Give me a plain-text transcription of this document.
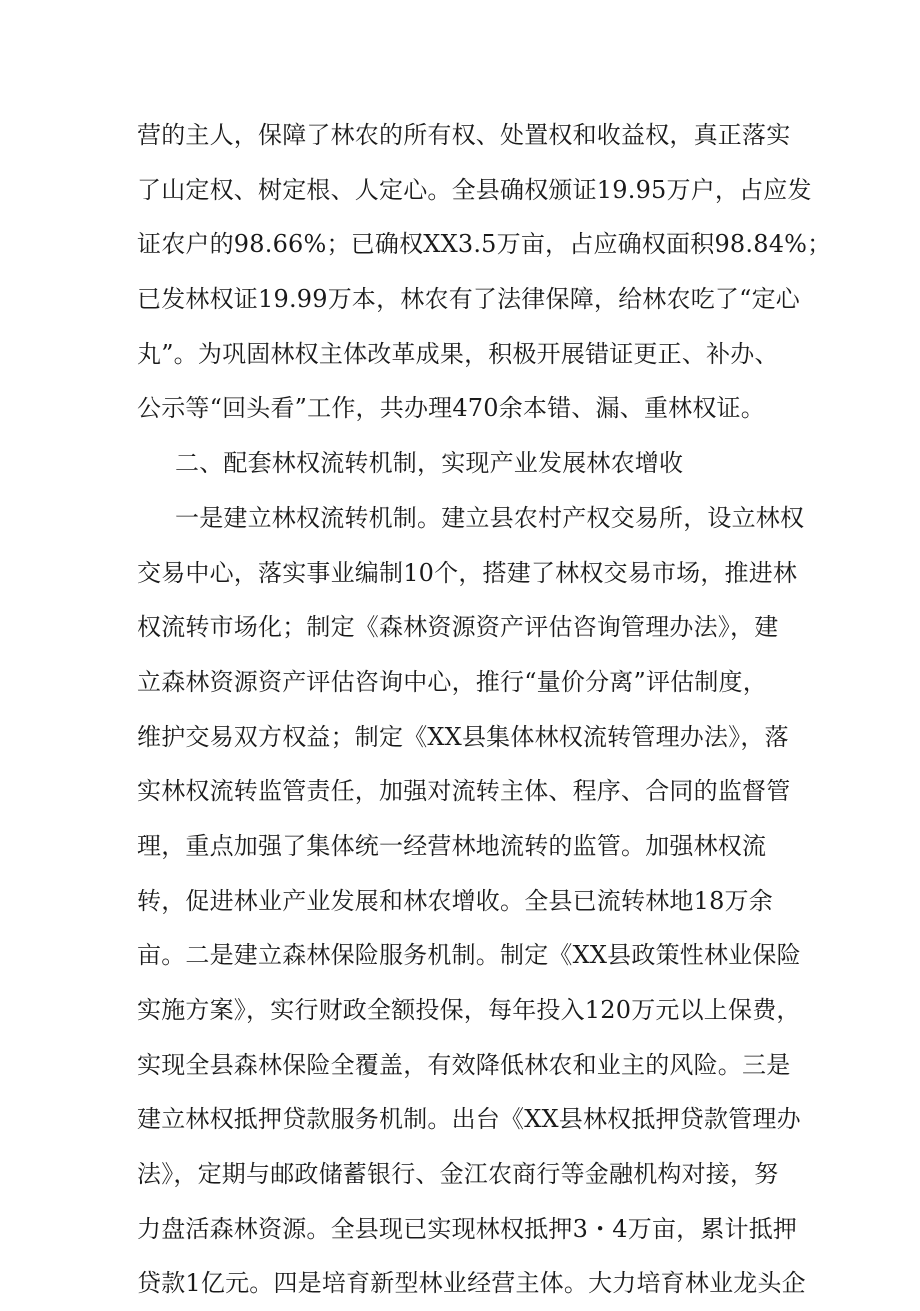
营的主人，保障了林农的所有权、处置权和收益权，真正落实
了山定权、树定根、人定心。全县确权颁证19.95万户，占应发
证农户的98.66%；已确权XX3.5万亩，占应确权面积98.84%；
已发林权证19.99万本，林农有了法律保障，给林农吃了“定心
丸”。为巩固林权主体改革成果，积极开展错证更正、补办、
公示等“回头看”工作，共办理470余本错、漏、重林权证。
二、配套林权流转机制，实现产业发展林农增收
一是建立林权流转机制。建立县农村产权交易所，设立林权
交易中心，落实事业编制10个，搭建了林权交易市场，推进林
权流转市场化；制定《森林资源资产评估咨询管理办法》，建
立森林资源资产评估咨询中心，推行“量价分离”评估制度，
维护交易双方权益；制定《XX县集体林权流转管理办法》，落
实林权流转监管责任，加强对流转主体、程序、合同的监督管
理，重点加强了集体统一经营林地流转的监管。加强林权流
转，促进林业产业发展和林农增收。全县已流转林地18万余
亩。二是建立森林保险服务机制。制定《XX县政策性林业保险
实施方案》，实行财政全额投保，每年投入120万元以上保费，
实现全县森林保险全覆盖，有效降低林农和业主的风险。三是
建立林权抵押贷款服务机制。出台《XX县林权抵押贷款管理办
法》，定期与邮政储蓄银行、金江农商行等金融机构对接，努
力盘活森林资源。全县现已实现林权抵押3・4万亩，累计抵押
贷款1亿元。四是培育新型林业经营主体。大力培育林业龙头企
